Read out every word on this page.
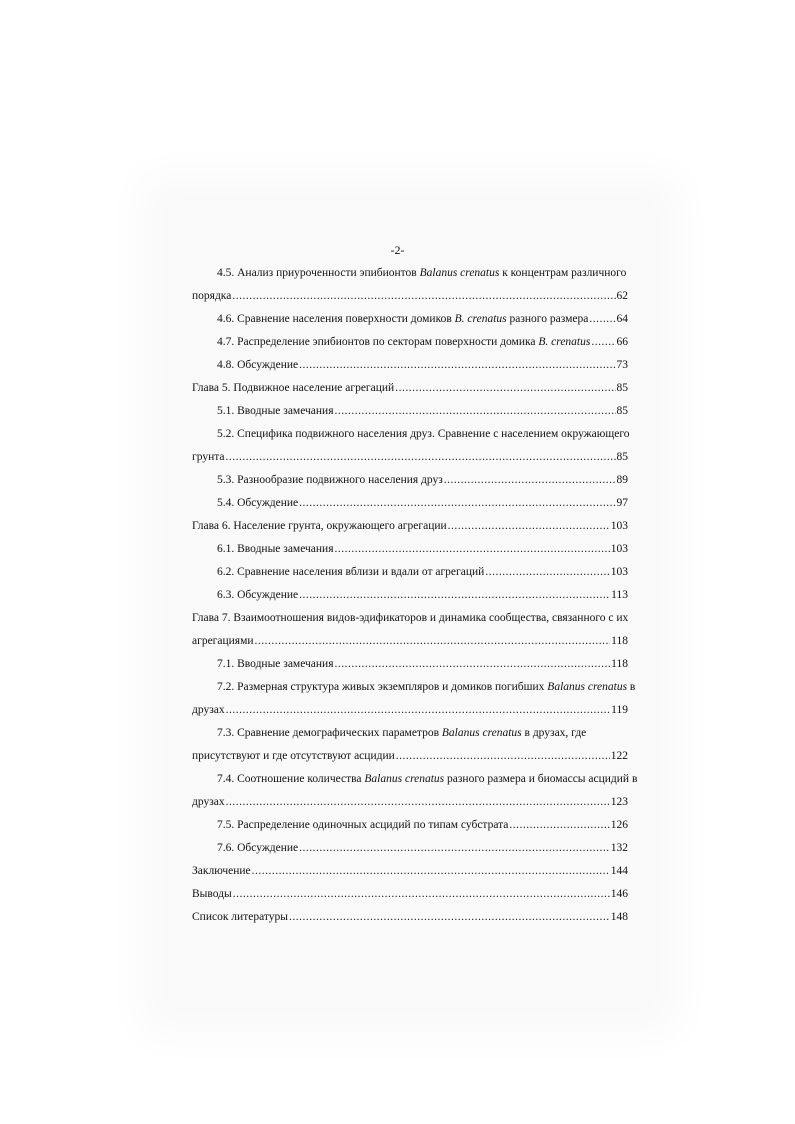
-2-
4.5. Анализ приуроченности эпибионтов Balanus crenatus к концентрам различного
порядка .....	62
4.6. Сравнение населения поверхности домиков B. crenatus разного размера ..... 64
4.7. Распределение эпибионтов по секторам поверхности домика B. crenatus ..... 66
4.8. Обсуждение .....	73
Глава 5. Подвижное население агрегаций .....	85
5.1. Вводные замечания .....	85
5.2. Специфика подвижного населения друз. Сравнение с населением окружающего
грунта .....	85
5.3. Разнообразие подвижного населения друз .....	89
5.4. Обсуждение .....	97
Глава 6. Население грунта, окружающего агрегации .....	103
6.1. Вводные замечания .....	103
6.2. Сравнение населения вблизи и вдали от агрегаций .....	103
6.3. Обсуждение .....	113
Глава 7. Взаимоотношения видов-эдификаторов и динамика сообщества, связанного с их
агрегациями .....	118
7.1. Вводные замечания .....	118
7.2. Размерная структура живых экземпляров и домиков погибших Balanus crenatus в
друзах .....	119
7.3. Сравнение демографических параметров Balanus crenatus в друзах, где
присутствуют и где отсутствуют асцидии .....	122
7.4. Соотношение количества Balanus crenatus разного размера и биомассы асцидий в
друзах .....	123
7.5. Распределение одиночных асцидий по типам субстрата .....	126
7.6. Обсуждение .....	132
Заключение .....	144
Выводы .....	146
Список литературы .....	148
